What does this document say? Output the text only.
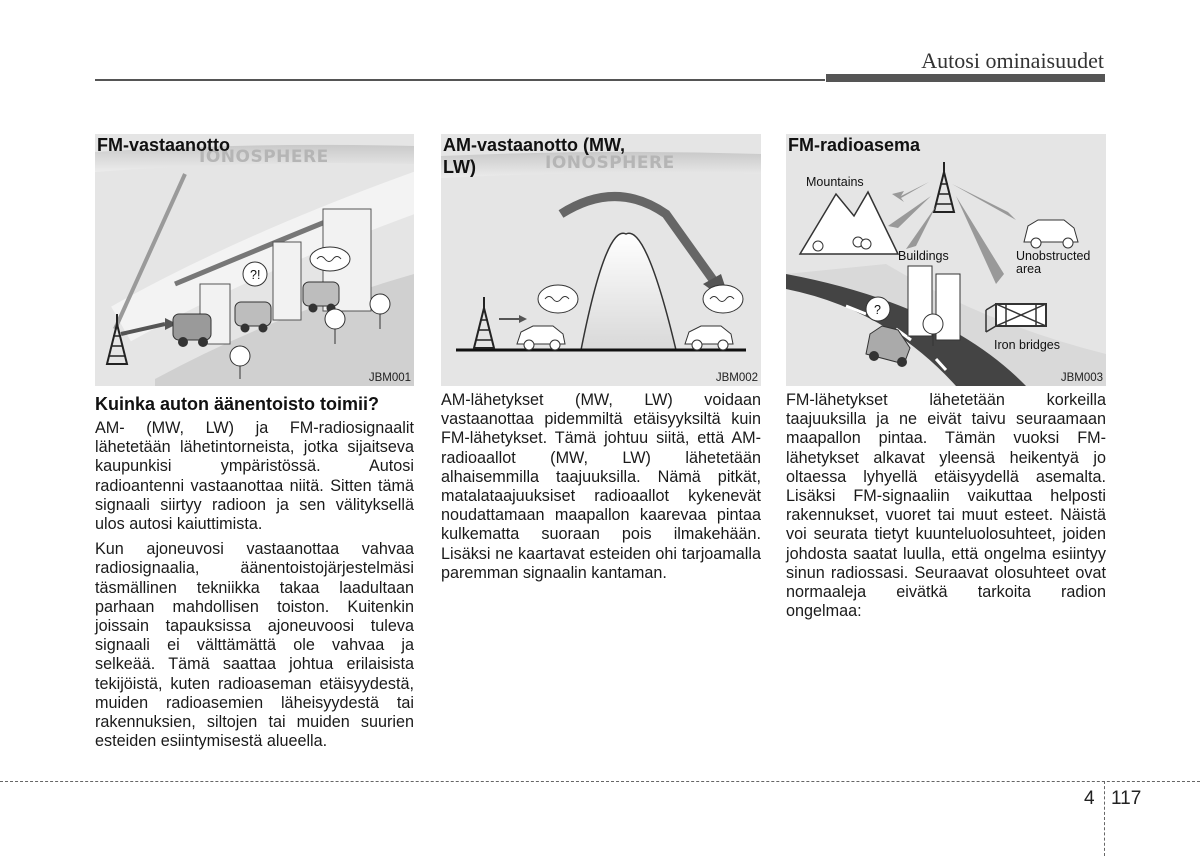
Autosi ominaisuudet
IONOSPHERE
?!
FM-vastaanotto
JBM001
Kuinka auton äänentoisto toimii?

AM- (MW, LW) ja FM-radiosignaalit lähetetään lähetintorneista, jotka sijaitseva kaupunkisi ympäristössä. Autosi radioantenni vastaanottaa niitä. Sitten tämä signaali siirtyy radioon ja sen välityksellä ulos autosi kaiuttimista.

Kun ajoneuvosi vastaanottaa vahvaa radiosignaalia, äänentoistojärjestelmäsi täsmällinen tekniikka takaa laadultaan parhaan mahdollisen toiston. Kuitenkin joissain tapauksissa ajoneuvoosi tuleva signaali ei välttämättä ole vahvaa ja selkeää. Tämä saattaa johtua erilaisista tekijöistä, kuten radioaseman etäisyydestä, muiden radioasemien läheisyydestä tai rakennuksien, siltojen tai muiden suurien esteiden esiintymisestä alueella.

IONOSPHERE
AM-vastaanotto (MW, LW)
JBM002

AM-lähetykset (MW, LW) voidaan vastaanottaa pidemmiltä etäisyyksiltä kuin FM-lähetykset. Tämä johtuu siitä, että AM-radioaallot (MW, LW) lähetetään alhaisemmilla taajuuksilla. Nämä pitkät, matalataajuuksiset radioaallot kykenevät noudattamaan maapallon kaarevaa pintaa kulkematta suoraan pois ilmakehään. Lisäksi ne kaartavat esteiden ohi tarjoamalla paremman signaalin kantaman.

?
Mountains
Buildings	Unobstructed
area
Iron bridges
FM-radioasema
JBM003

FM-lähetykset lähetetään korkeilla taajuuksilla ja ne eivät taivu seuraamaan maapallon pintaa. Tämän vuoksi FM-lähetykset alkavat yleensä heikentyä jo oltaessa lyhyellä etäisyydellä asemalta. Lisäksi FM-signaaliin vaikuttaa helposti rakennukset, vuoret tai muut esteet. Näistä voi seurata tietyt kuunteluolosuhteet, joiden johdosta saatat luulla, että ongelma esiintyy sinun radiossasi. Seuraavat olosuhteet ovat normaaleja eivätkä tarkoita radion ongelmaa:

4 117
